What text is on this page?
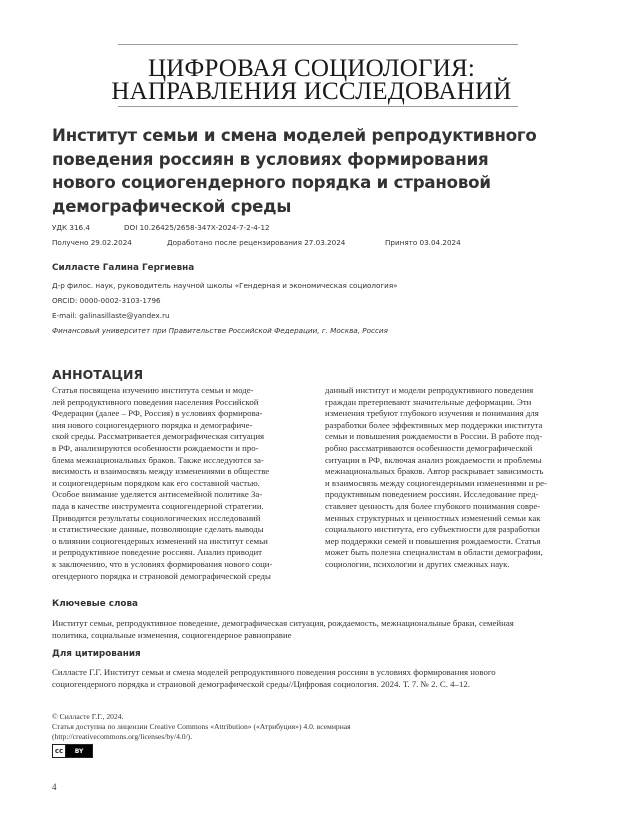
ЦИФРОВАЯ СОЦИОЛОГИЯ:
НАПРАВЛЕНИЯ ИССЛЕДОВАНИЙ
Институт семьи и смена моделей репродуктивного
поведения россиян в условиях формирования
нового социогендерного порядка и страновой
демографической среды
УДК 316.4	DOI 10.26425/2658-347X-2024-7-2-4-12
Получено 29.02.2024	Доработано после рецензирования 27.03.2024	Принято 03.04.2024
Силласте Галина Гергиевна
Д-р филос. наук, руководитель научной школы «Гендерная и экономическая социология»
ORCID: 0000-0002-3103-1796
E-mail: galinasillaste@yandex.ru
Финансовый университет при Правительстве Российской Федерации, г. Москва, Россия
АННОТАЦИЯ
Статья посвящена изучению института семьи и моде-
лей репродуктивного поведения населения Российской
Федерации (далее – РФ, Россия) в условиях формирова-
ния нового социогендерного порядка и демографиче-
ской среды. Рассматривается демографическая ситуация
в РФ, анализируются особенности рождаемости и про-
блема межнациональных браков. Также исследуются за-
висимость и взаимосвязь между изменениями в обществе
и социогендерным порядком как его составной частью.
Особое внимание уделяется антисемейной политике За-
пада в качестве инструмента социогендерной стратегии.
Приводятся результаты социологических исследований
и статистические данные, позволяющие сделать выводы
о влиянии социогендерных изменений на институт семьи
и репродуктивное поведение россиян. Анализ приводит
к заключению, что в условиях формирования нового соци-
огендерного порядка и страновой демографической среды
данный институт и модели репродуктивного поведения
граждан претерпевают значительные деформации. Эти
изменения требуют глубокого изучения и понимания для
разработки более эффективных мер поддержки института
семьи и повышения рождаемости в России. В работе под-
робно рассматриваются особенности демографической
ситуации в РФ, включая анализ рождаемости и проблемы
межнациональных браков. Автор раскрывает зависимость
и взаимосвязь между социогендерными изменениями и ре-
продуктивным поведением россиян. Исследование пред-
ставляет ценность для более глубокого понимания совре-
менных структурных и ценностных изменений семьи как
социального института, его субъектности для разработки
мер поддержки семей и повышения рождаемости. Статья
может быть полезна специалистам в области демографии,
социологии, психологии и других смежных наук.
Ключевые слова
Институт семьи, репродуктивное поведение, демографическая ситуация, рождаемость, межнациональные браки, семейная
политика, социальные изменения, социогендерное равноправие
Для цитирования
Силласте Г.Г. Институт семьи и смена моделей репродуктивного поведения россиян в условиях формирования нового
социогендерного порядка и страновой демографической среды//Цифровая социология. 2024. Т. 7. № 2. С. 4–12.
© Силласте Г.Г., 2024.
Статья доступна по лицензии Creative Commons «Attribution» («Атрибуция») 4.0. всемирная
(http://creativecommons.org/licenses/by/4.0/).
cc	BY
4
